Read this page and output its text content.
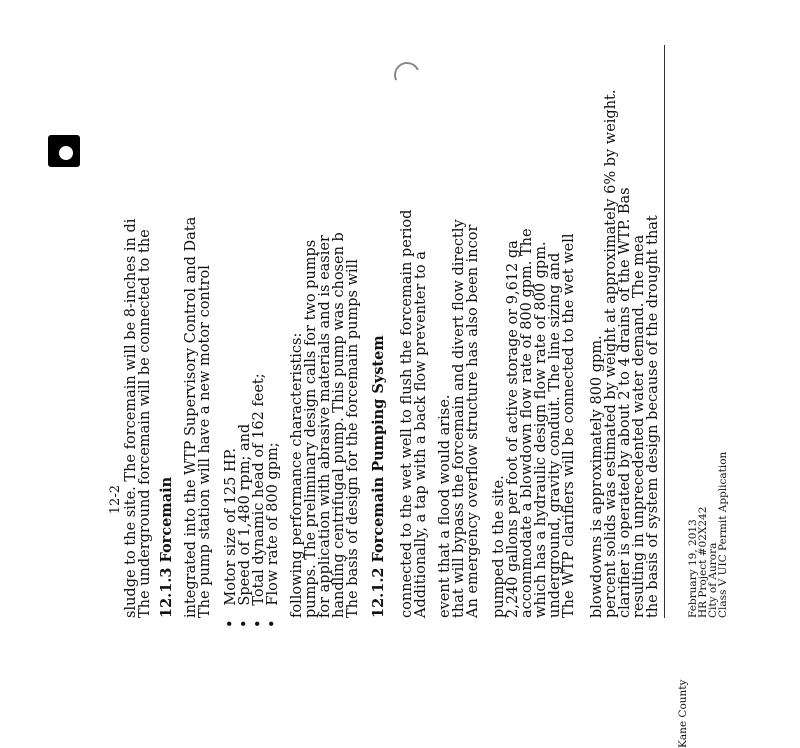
Class V UIC Permit Application
City of Aurora
HR Project #02X242
February 19, 2013
Kane County
the basis of system design because of the drought that
resulting in unprecedented water demand. The mea
clarifier is operated by about 2 to 4 drains of the WTP. Bas
percent solids was estimated by weight at approximately 6% by weight.
blowdowns is approximately 800 gpm.
The WTP clarifiers will be connected to the wet well
underground, gravity conduit. The line sizing and
which has a hydraulic design flow rate of 800 gpm.
accommodate a blowdown flow rate of 800 gpm. The
2,240 gallons per foot of active storage or 9,612 ga
pumped to the site.
An emergency overflow structure has also been incor
that will bypass the forcemain and divert flow directly
event that a flood would arise.
Additionally, a tap with a back flow preventer to a
connected to the wet well to flush the forcemain period
12.1.2 Forcemain Pumping System
The basis of design for the forcemain pumps will
handling centrifugal pump. This pump was chosen b
for application with abrasive materials and is easier
pumps. The preliminary design calls for two pumps
following performance characteristics:
•   Flow rate of 800 gpm;
•   Total dynamic head of 162 feet;
•   Speed of 1,480 rpm; and
•   Motor size of 125 HP.
The pump station will have a new motor control
integrated into the WTP Supervisory Control and Data
12.1.3 Forcemain
The underground forcemain will be connected to the
sludge to the site. The forcemain will be 8-inches in di
12-2
